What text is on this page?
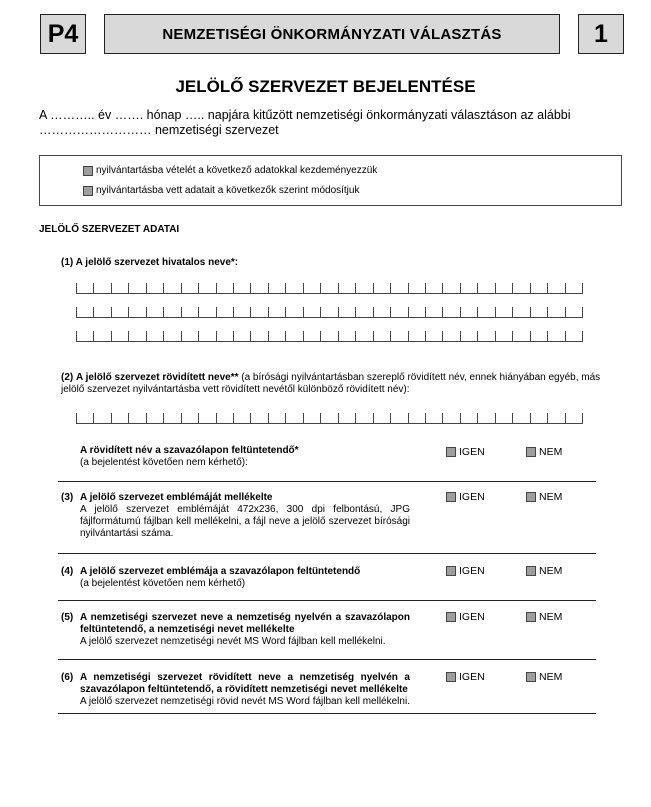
P4	NEMZETISÉGI ÖNKORMÁNYZATI VÁLASZTÁS	1
JELÖLŐ SZERVEZET BEJELENTÉSE
A ……….. év ……. hónap ….. napjára kitűzött nemzetiségi önkormányzati választáson az alábbi
……………………… nemzetiségi szervezet
nyilvántartásba vételét a következő adatokkal kezdeményezzük
nyilvántartásba vett adatait a következők szerint módosítjuk
JELÖLŐ SZERVEZET ADATAI
(1) A jelölő szervezet hivatalos neve*:
(2) A jelölő szervezet rövidített neve** (a bírósági nyilvántartásban szereplő rövidített név, ennek hiányában egyéb, más jelölő szervezet nyilvántartásba vett rövidített nevétől különböző rövidített név):
A rövidített név a szavazólapon feltüntetendő*
(a bejelentést követően nem kérhető):
IGEN	NEM
(3) A jelölő szervezet emblémáját mellékelte
A jelölő szervezet emblémáját 472x236, 300 dpi felbontású, JPG fájlformátumú fájlban kell mellékelni, a fájl neve a jelölő szervezet bírósági nyilvántartási száma.
IGEN	NEM
(4) A jelölő szervezet emblémája a szavazólapon feltüntetendő
(a bejelentést követően nem kérhető)
IGEN	NEM
(5) A nemzetiségi szervezet neve a nemzetiség nyelvén a szavazólapon feltüntetendő, a nemzetiségi nevet mellékelte
A jelölő szervezet nemzetiségi nevét MS Word fájlban kell mellékelni.
IGEN	NEM
(6) A nemzetiségi szervezet rövidített neve a nemzetiség nyelvén a szavazólapon feltüntetendő, a rövidített nemzetiségi nevet mellékelte
A jelölő szervezet nemzetiségi rövid nevét MS Word fájlban kell mellékelni.
IGEN	NEM
